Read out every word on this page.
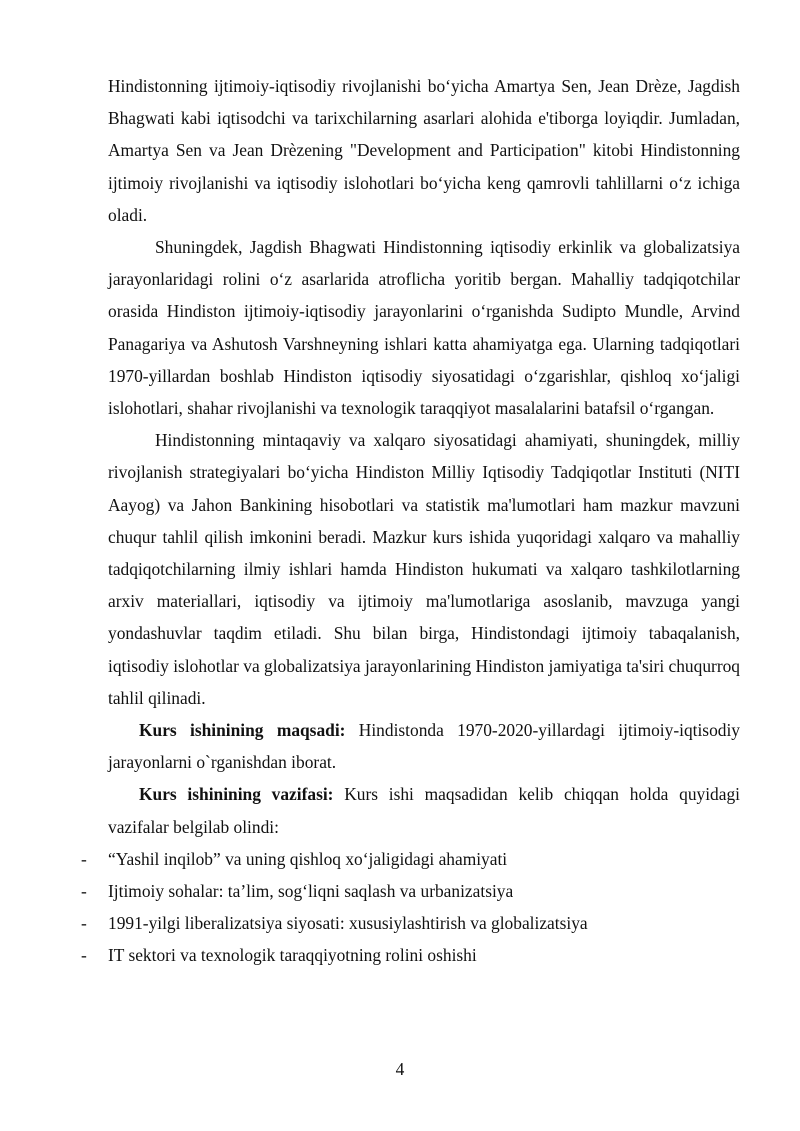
Hindistonning ijtimoiy-iqtisodiy rivojlanishi bo‘yicha Amartya Sen, Jean Drèze, Jagdish Bhagwati kabi iqtisodchi va tarixchilarning asarlari alohida e'tiborga loyiqdir. Jumladan, Amartya Sen va Jean Drèzening "Development and Participation" kitobi Hindistonning ijtimoiy rivojlanishi va iqtisodiy islohotlari bo‘yicha keng qamrovli tahlillarni o‘z ichiga oladi.

Shuningdek, Jagdish Bhagwati Hindistonning iqtisodiy erkinlik va globalizatsiya jarayonlaridagi rolini o‘z asarlarida atroflicha yoritib bergan. Mahalliy tadqiqotchilar orasida Hindiston ijtimoiy-iqtisodiy jarayonlarini o‘rganishda Sudipto Mundle, Arvind Panagariya va Ashutosh Varshneyning ishlari katta ahamiyatga ega. Ularning tadqiqotlari 1970-yillardan boshlab Hindiston iqtisodiy siyosatidagi o‘zgarishlar, qishloq xo‘jaligi islohotlari, shahar rivojlanishi va texnologik taraqqiyot masalalarini batafsil o‘rgangan.

Hindistonning mintaqaviy va xalqaro siyosatidagi ahamiyati, shuningdek, milliy rivojlanish strategiyalari bo‘yicha Hindiston Milliy Iqtisodiy Tadqiqotlar Instituti (NITI Aayog) va Jahon Bankining hisobotlari va statistik ma'lumotlari ham mazkur mavzuni chuqur tahlil qilish imkonini beradi. Mazkur kurs ishida yuqoridagi xalqaro va mahalliy tadqiqotchilarning ilmiy ishlari hamda Hindiston hukumati va xalqaro tashkilotlarning arxiv materiallari, iqtisodiy va ijtimoiy ma'lumotlariga asoslanib, mavzuga yangi yondashuvlar taqdim etiladi. Shu bilan birga, Hindistondagi ijtimoiy tabaqalanish, iqtisodiy islohotlar va globalizatsiya jarayonlarining Hindiston jamiyatiga ta'siri chuqurroq tahlil qilinadi.

Kurs ishinining maqsadi: Hindistonda 1970-2020-yillardagi ijtimoiy-iqtisodiy jarayonlarni o`rganishdan iborat.

Kurs ishinining vazifasi: Kurs ishi maqsadidan kelib chiqqan holda quyidagi vazifalar belgilab olindi:

- “Yashil inqilob” va uning qishloq xo‘jaligidagi ahamiyati
- Ijtimoiy sohalar: ta’lim, sog‘liqni saqlash va urbanizatsiya
- 1991-yilgi liberalizatsiya siyosati: xususiylashtirish va globalizatsiya
- IT sektori va texnologik taraqqiyotning rolini oshishi
4
